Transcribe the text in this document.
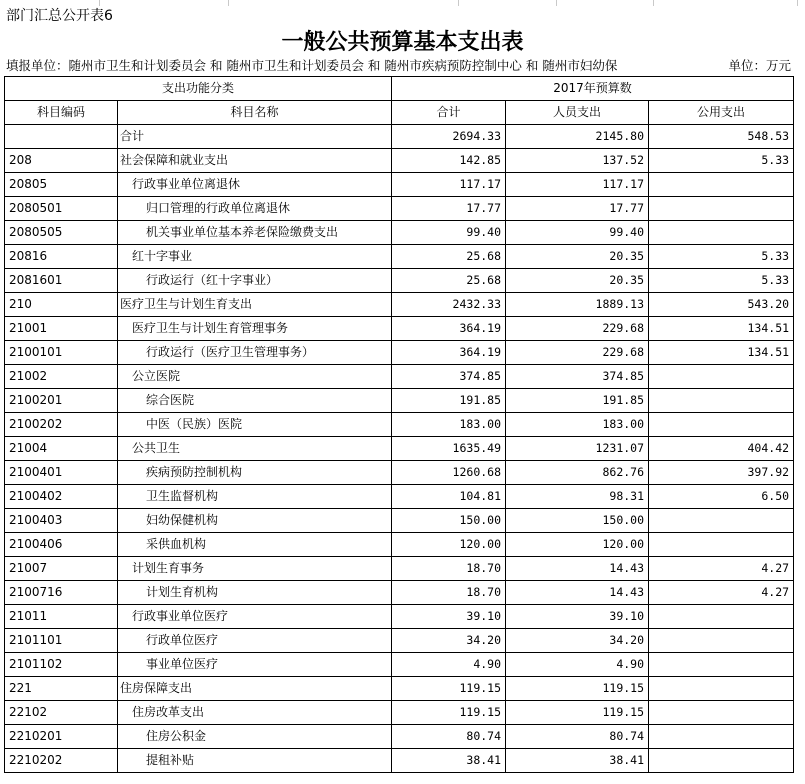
部门汇总公开表6
一般公共预算基本支出表
填报单位：随州市卫生和计划委员会 和 随州市卫生和计划委员会 和 随州市疾病预防控制中心 和 随州市妇幼保	单位：万元
支出功能分类		2017年预算数		
科目编码	科目名称	合计	人员支出	公用支出
	合计	2694.33	2145.80	548.53
208	社会保障和就业支出	142.85	137.52	5.33
20805	行政事业单位离退休	117.17	117.17	
2080501	归口管理的行政单位离退休	17.77	17.77	
2080505	机关事业单位基本养老保险缴费支出	99.40	99.40	
20816	红十字事业	25.68	20.35	5.33
2081601	行政运行（红十字事业）	25.68	20.35	5.33
210	医疗卫生与计划生育支出	2432.33	1889.13	543.20
21001	医疗卫生与计划生育管理事务	364.19	229.68	134.51
2100101	行政运行（医疗卫生管理事务）	364.19	229.68	134.51
21002	公立医院	374.85	374.85	
2100201	综合医院	191.85	191.85	
2100202	中医（民族）医院	183.00	183.00	
21004	公共卫生	1635.49	1231.07	404.42
2100401	疾病预防控制机构	1260.68	862.76	397.92
2100402	卫生监督机构	104.81	98.31	6.50
2100403	妇幼保健机构	150.00	150.00	
2100406	采供血机构	120.00	120.00	
21007	计划生育事务	18.70	14.43	4.27
2100716	计划生育机构	18.70	14.43	4.27
21011	行政事业单位医疗	39.10	39.10	
2101101	行政单位医疗	34.20	34.20	
2101102	事业单位医疗	4.90	4.90	
221	住房保障支出	119.15	119.15	
22102	住房改革支出	119.15	119.15	
2210201	住房公积金	80.74	80.74	
2210202	提租补贴	38.41	38.41	
